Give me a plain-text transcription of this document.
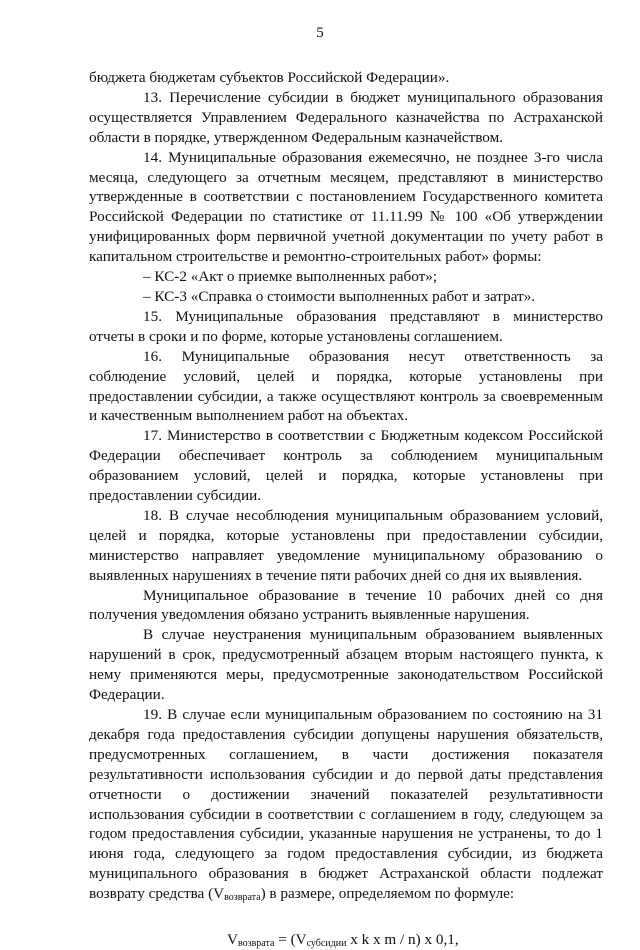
5

бюджета бюджетам субъектов Российской Федерации».

13. Перечисление субсидии в бюджет муниципального образования осуществляется Управлением Федерального казначейства по Астраханской области в порядке, утвержденном Федеральным казначейством.

14. Муниципальные образования ежемесячно, не позднее 3-го числа месяца, следующего за отчетным месяцем, представляют в министерство утвержденные в соответствии с постановлением Государственного комитета Российской Федерации по статистике от 11.11.99 № 100 «Об утверждении унифицированных форм первичной учетной документации по учету работ в капитальном строительстве и ремонтно-строительных работ» формы:

– КС-2 «Акт о приемке выполненных работ»;

– КС-3 «Справка о стоимости выполненных работ и затрат».

15. Муниципальные образования представляют в министерство отчеты в сроки и по форме, которые установлены соглашением.

16. Муниципальные образования несут ответственность за соблюдение условий, целей и порядка, которые установлены при предоставлении субсидии, а также осуществляют контроль за своевременным и качественным выполнением работ на объектах.

17. Министерство в соответствии с Бюджетным кодексом Российской Федерации обеспечивает контроль за соблюдением муниципальным образованием условий, целей и порядка, которые установлены при предоставлении субсидии.

18. В случае несоблюдения муниципальным образованием условий, целей и порядка, которые установлены при предоставлении субсидии, министерство направляет уведомление муниципальному образованию о выявленных нарушениях в течение пяти рабочих дней со дня их выявления.

Муниципальное образование в течение 10 рабочих дней со дня получения уведомления обязано устранить выявленные нарушения.

В случае неустранения муниципальным образованием выявленных нарушений в срок, предусмотренный абзацем вторым настоящего пункта, к нему применяются меры, предусмотренные законодательством Российской Федерации.

19. В случае если муниципальным образованием по состоянию на 31 декабря года предоставления субсидии допущены нарушения обязательств, предусмотренных соглашением, в части достижения показателя результативности использования субсидии и до первой даты представления отчетности о достижении значений показателей результативности использования субсидии в соответствии с соглашением в году, следующем за годом предоставления субсидии, указанные нарушения не устранены, то до 1 июня года, следующего за годом предоставления субсидии, из бюджета муниципального образования в бюджет Астраханской области подлежат возврату средства $(V_{возврата})$ в размере, определяемом по формуле:

$V_{возврата} = (V_{субсидии}$ x k x m / n) x 0,1,
